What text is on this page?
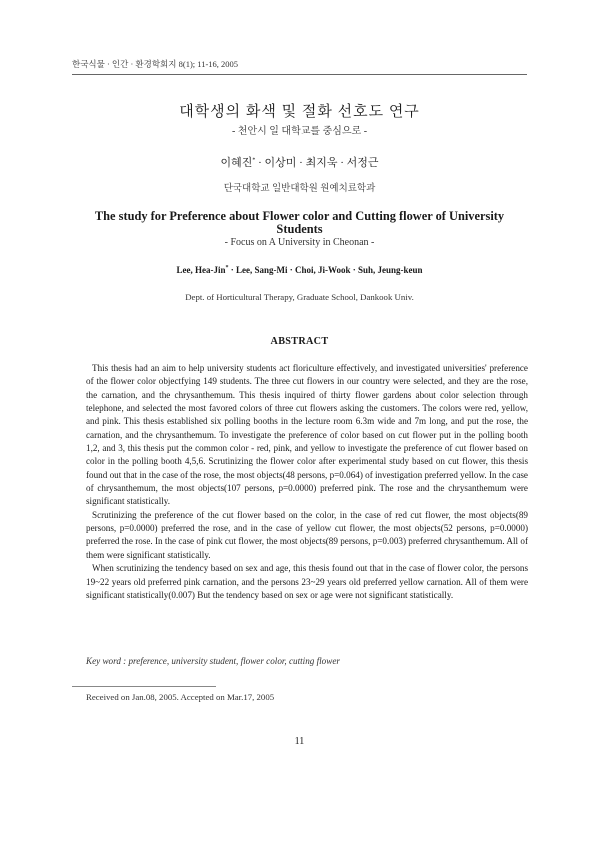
한국식물 · 인간 · 환경학회지 8(1); 11-16, 2005
대학생의 화색 및 절화 선호도 연구
- 천안시 일 대학교를 중심으로 -
이혜진* · 이상미 · 최지욱 · 서정근
단국대학교 일반대학원 원예치료학과
The study for Preference about Flower color and Cutting flower of University Students
- Focus on A University in Cheonan -
Lee, Hea-Jin* · Lee, Sang-Mi · Choi, Ji-Wook · Suh, Jeung-keun
Dept. of Horticultural Therapy, Graduate School, Dankook Univ.
ABSTRACT

This thesis had an aim to help university students act floriculture effectively, and investigated universities' preference of the flower color objectfying 149 students. The three cut flowers in our country were selected, and they are the rose, the carnation, and the chrysanthemum. This thesis inquired of thirty flower gardens about color selection through telephone, and selected the most favored colors of three cut flowers asking the customers. The colors were red, yellow, and pink. This thesis established six polling booths in the lecture room 6.3m wide and 7m long, and put the rose, the carnation, and the chrysanthemum. To investigate the preference of color based on cut flower put in the polling booth 1,2, and 3, this thesis put the common color - red, pink, and yellow to investigate the preference of cut flower based on color in the polling booth 4,5,6. Scrutinizing the flower color after experimental study based on cut flower, this thesis found out that in the case of the rose, the most objects(48 persons, p=0.064) of investigation preferred yellow. In the case of chrysanthemum, the most objects(107 persons, p=0.0000) preferred pink. The rose and the chrysanthemum were significant statistically.

Scrutinizing the preference of the cut flower based on the color, in the case of red cut flower, the most objects(89 persons, p=0.0000) preferred the rose, and in the case of yellow cut flower, the most objects(52 persons, p=0.0000) preferred the rose. In the case of pink cut flower, the most objects(89 persons, p=0.003) preferred chrysanthemum. All of them were significant statistically.

When scrutinizing the tendency based on sex and age, this thesis found out that in the case of flower color, the persons 19~22 years old preferred pink carnation, and the persons 23~29 years old preferred yellow carnation. All of them were significant statistically(0.007) But the tendency based on sex or age were not significant statistically.

Key word : preference, university student, flower color, cutting flower
Received on Jan.08, 2005. Accepted on Mar.17, 2005
11
